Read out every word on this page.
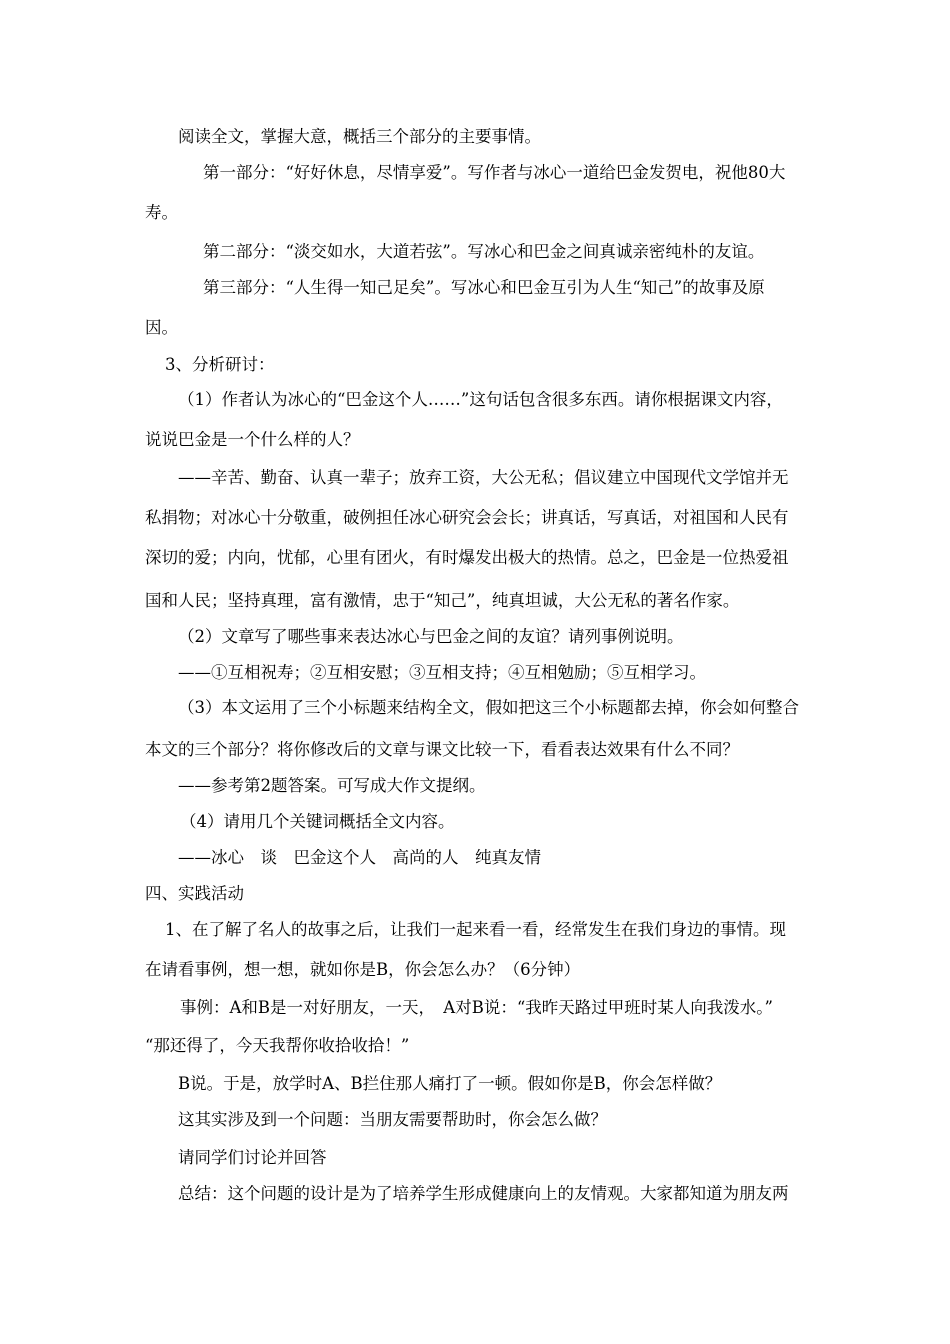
阅读全文，掌握大意，概括三个部分的主要事情。
第一部分：“好好休息，尽情享爱”。写作者与冰心一道给巴金发贺电，祝他80大
寿。
第二部分：“淡交如水，大道若弦”。写冰心和巴金之间真诚亲密纯朴的友谊。
第三部分：“人生得一知己足矣”。写冰心和巴金互引为人生“知己”的故事及原
因。
3、分析研讨：
（1）作者认为冰心的“巴金这个人……”这句话包含很多东西。请你根据课文内容，
说说巴金是一个什么样的人？
——辛苦、勤奋、认真一辈子；放弃工资，大公无私；倡议建立中国现代文学馆并无
私捐物；对冰心十分敬重，破例担任冰心研究会会长；讲真话，写真话，对祖国和人民有
深切的爱；内向，忧郁，心里有团火，有时爆发出极大的热情。总之，巴金是一位热爱祖
国和人民；坚持真理，富有激情，忠于“知己”，纯真坦诚，大公无私的著名作家。
（2）文章写了哪些事来表达冰心与巴金之间的友谊？请列事例说明。
——①互相祝寿；②互相安慰；③互相支持；④互相勉励；⑤互相学习。
（3）本文运用了三个小标题来结构全文，假如把这三个小标题都去掉，你会如何整合
本文的三个部分？将你修改后的文章与课文比较一下，看看表达效果有什么不同？
——参考第2题答案。可写成大作文提纲。
（4）请用几个关键词概括全文内容。
——冰心　谈　巴金这个人　高尚的人　纯真友情
四、实践活动
1、在了解了名人的故事之后，让我们一起来看一看，经常发生在我们身边的事情。现
在请看事例，想一想，就如你是B，你会怎么办？（6分钟）
事例：A和B是一对好朋友，一天，　A对B说：“我昨天路过甲班时某人向我泼水。”
“那还得了，今天我帮你收拾收拾！”
B说。于是，放学时A、B拦住那人痛打了一顿。假如你是B，你会怎样做？
这其实涉及到一个问题：当朋友需要帮助时，你会怎么做？
请同学们讨论并回答
总结：这个问题的设计是为了培养学生形成健康向上的友情观。大家都知道为朋友两
